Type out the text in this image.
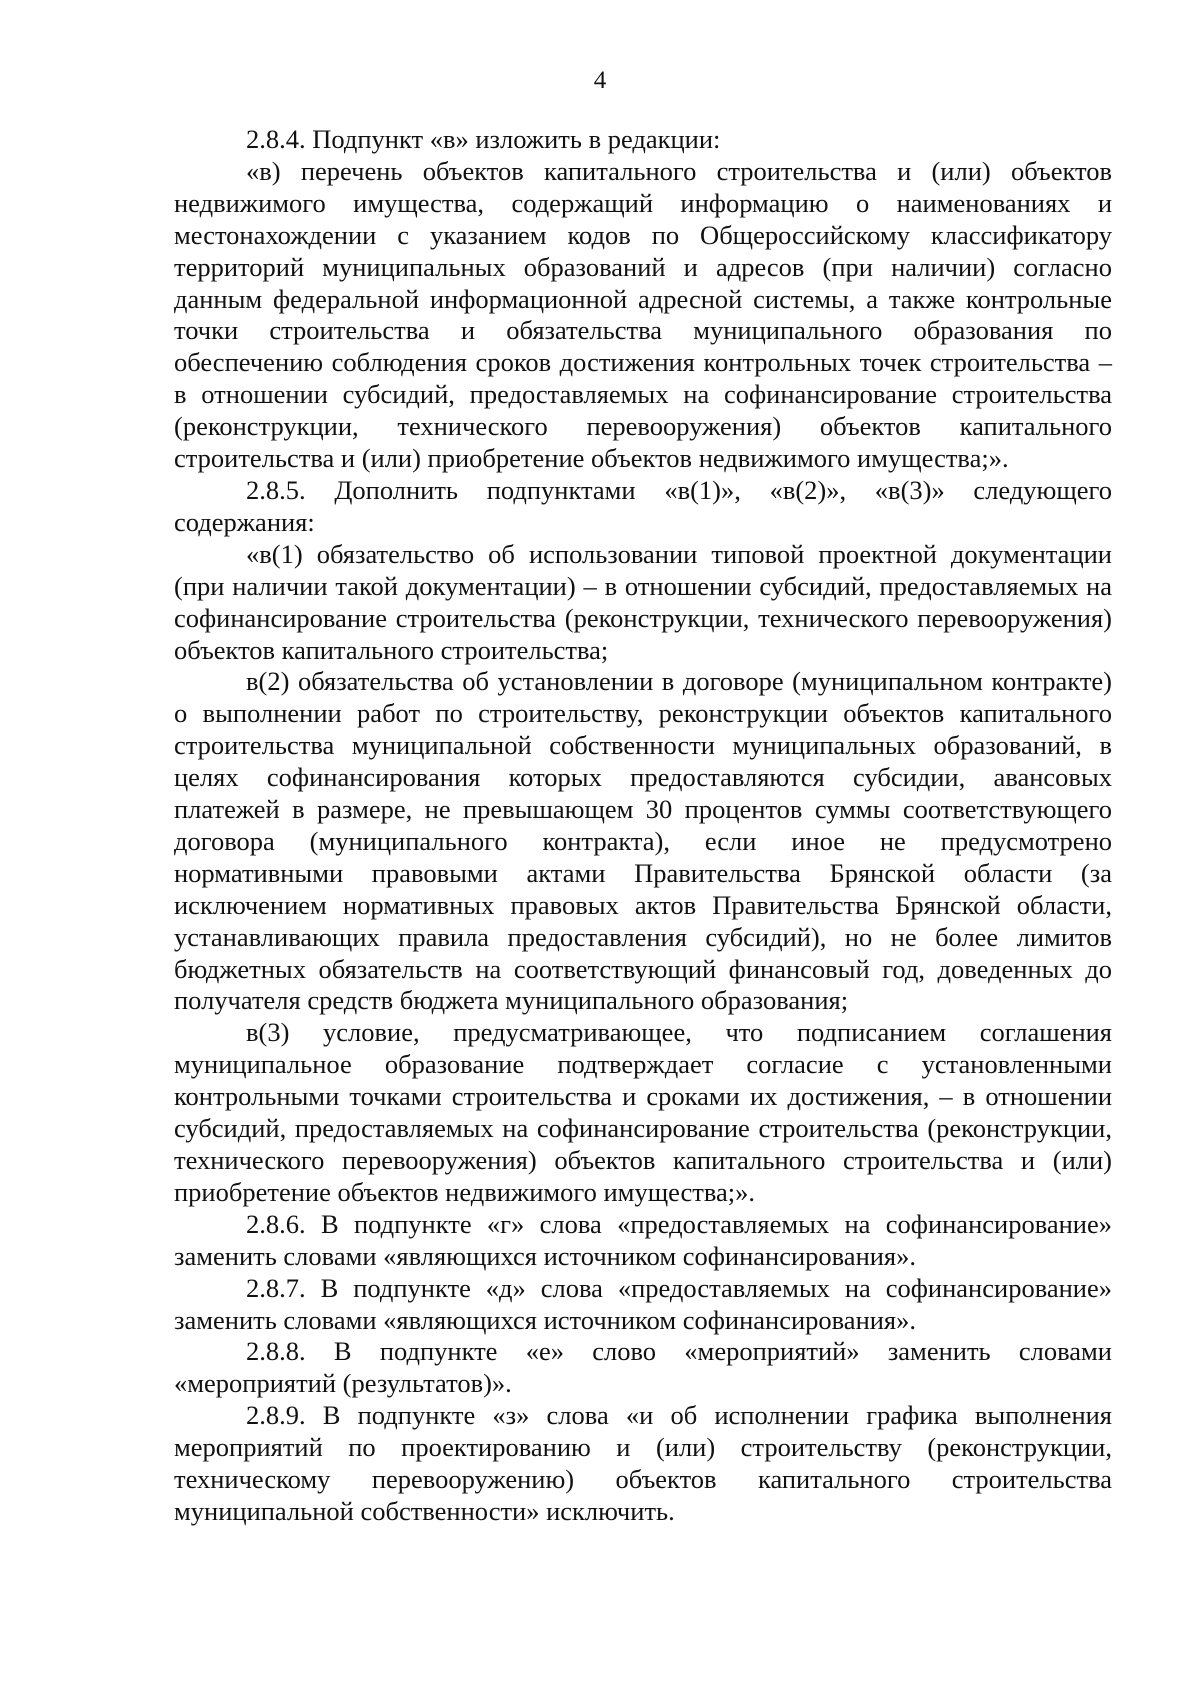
4

2.8.4. Подпункт «в» изложить в редакции:

«в) перечень объектов капитального строительства и (или) объектов недвижимого имущества, содержащий информацию о наименованиях и местонахождении с указанием кодов по Общероссийскому классификатору территорий муниципальных образований и адресов (при наличии) согласно данным федеральной информационной адресной системы, а также контрольные точки строительства и обязательства муниципального образования по обеспечению соблюдения сроков достижения контрольных точек строительства – в отношении субсидий, предоставляемых на софинансирование строительства (реконструкции, технического перевооружения) объектов капитального строительства и (или) приобретение объектов недвижимого имущества;».

2.8.5. Дополнить подпунктами «в(1)», «в(2)», «в(3)» следующего содержания:

«в(1) обязательство об использовании типовой проектной документации (при наличии такой документации) – в отношении субсидий, предоставляемых на софинансирование строительства (реконструкции, технического перевооружения) объектов капитального строительства;

в(2) обязательства об установлении в договоре (муниципальном контракте) о выполнении работ по строительству, реконструкции объектов капитального строительства муниципальной собственности муниципальных образований, в целях софинансирования которых предоставляются субсидии, авансовых платежей в размере, не превышающем 30 процентов суммы соответствующего договора (муниципального контракта), если иное не предусмотрено нормативными правовыми актами Правительства Брянской области (за исключением нормативных правовых актов Правительства Брянской области, устанавливающих правила предоставления субсидий), но не более лимитов бюджетных обязательств на соответствующий финансовый год, доведенных до получателя средств бюджета муниципального образования;

в(3) условие, предусматривающее, что подписанием соглашения муниципальное образование подтверждает согласие с установленными контрольными точками строительства и сроками их достижения, – в отношении субсидий, предоставляемых на софинансирование строительства (реконструкции, технического перевооружения) объектов капитального строительства и (или) приобретение объектов недвижимого имущества;».

2.8.6. В подпункте «г» слова «предоставляемых на софинансирование» заменить словами «являющихся источником софинансирования».

2.8.7. В подпункте «д» слова «предоставляемых на софинансирование» заменить словами «являющихся источником софинансирования».

2.8.8. В подпункте «е» слово «мероприятий» заменить словами «мероприятий (результатов)».

2.8.9. В подпункте «з» слова «и об исполнении графика выполнения мероприятий по проектированию и (или) строительству (реконструкции, техническому перевооружению) объектов капитального строительства муниципальной собственности» исключить.
